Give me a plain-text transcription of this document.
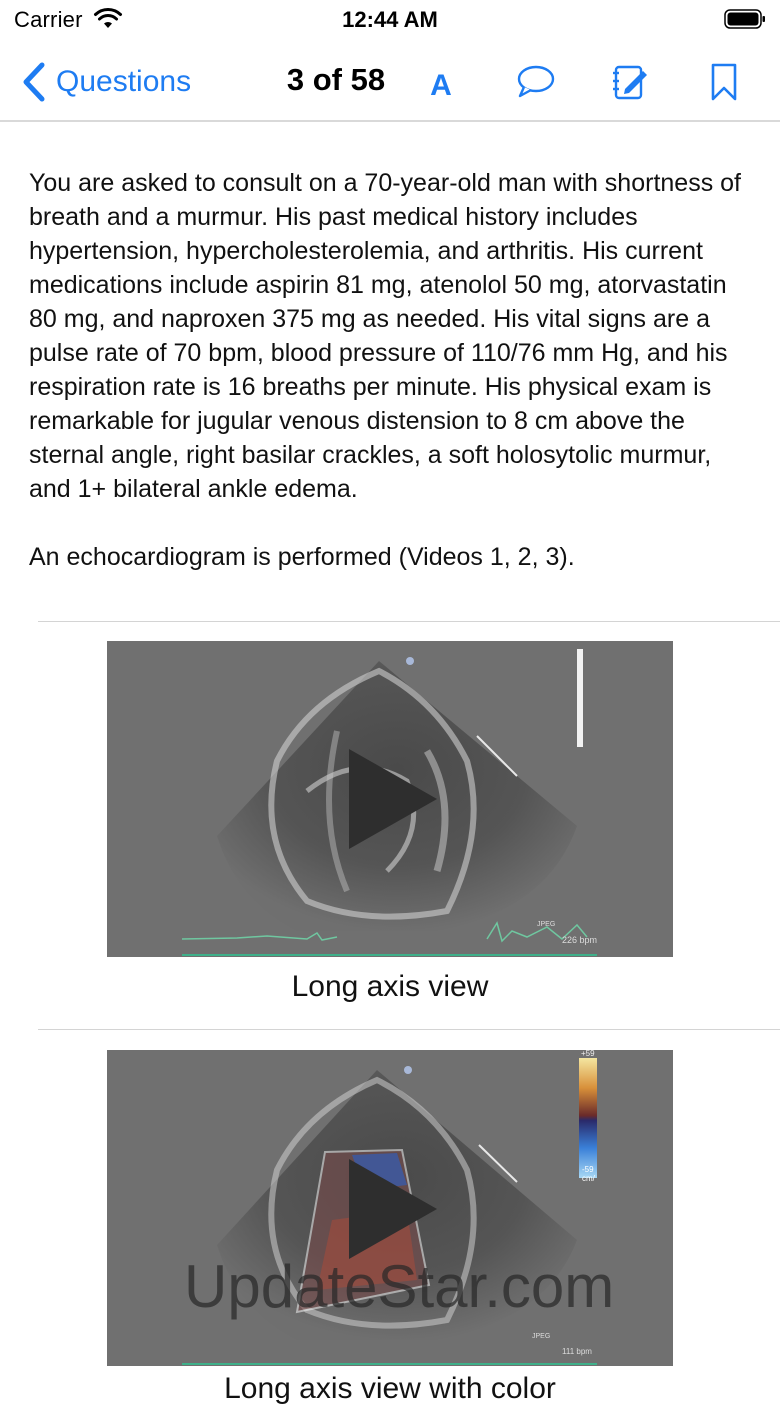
Carrier	12:44 AM
Questions	3 of 58 A

You are asked to consult on a 70-year-old man with shortness of breath and a murmur. His past medical history includes hypertension, hypercholesterolemia, and arthritis. His current medications include aspirin 81 mg, atenolol 50 mg, atorvastatin 80 mg, and naproxen 375 mg as needed. His vital signs are a pulse rate of 70 bpm, blood pressure of 110/76 mm Hg, and his respiration rate is 16 breaths per minute. His physical exam is remarkable for jugular venous distension to 8 cm above the sternal angle, right basilar crackles, a soft holosytolic murmur, and 1+ bilateral ankle edema.

An echocardiogram is performed (Videos 1, 2, 3).

226 bpm
JPEG
Long axis view
+59
-59
cm/
111 bpm
JPEG
Long axis view with color
UpdateStar.com
